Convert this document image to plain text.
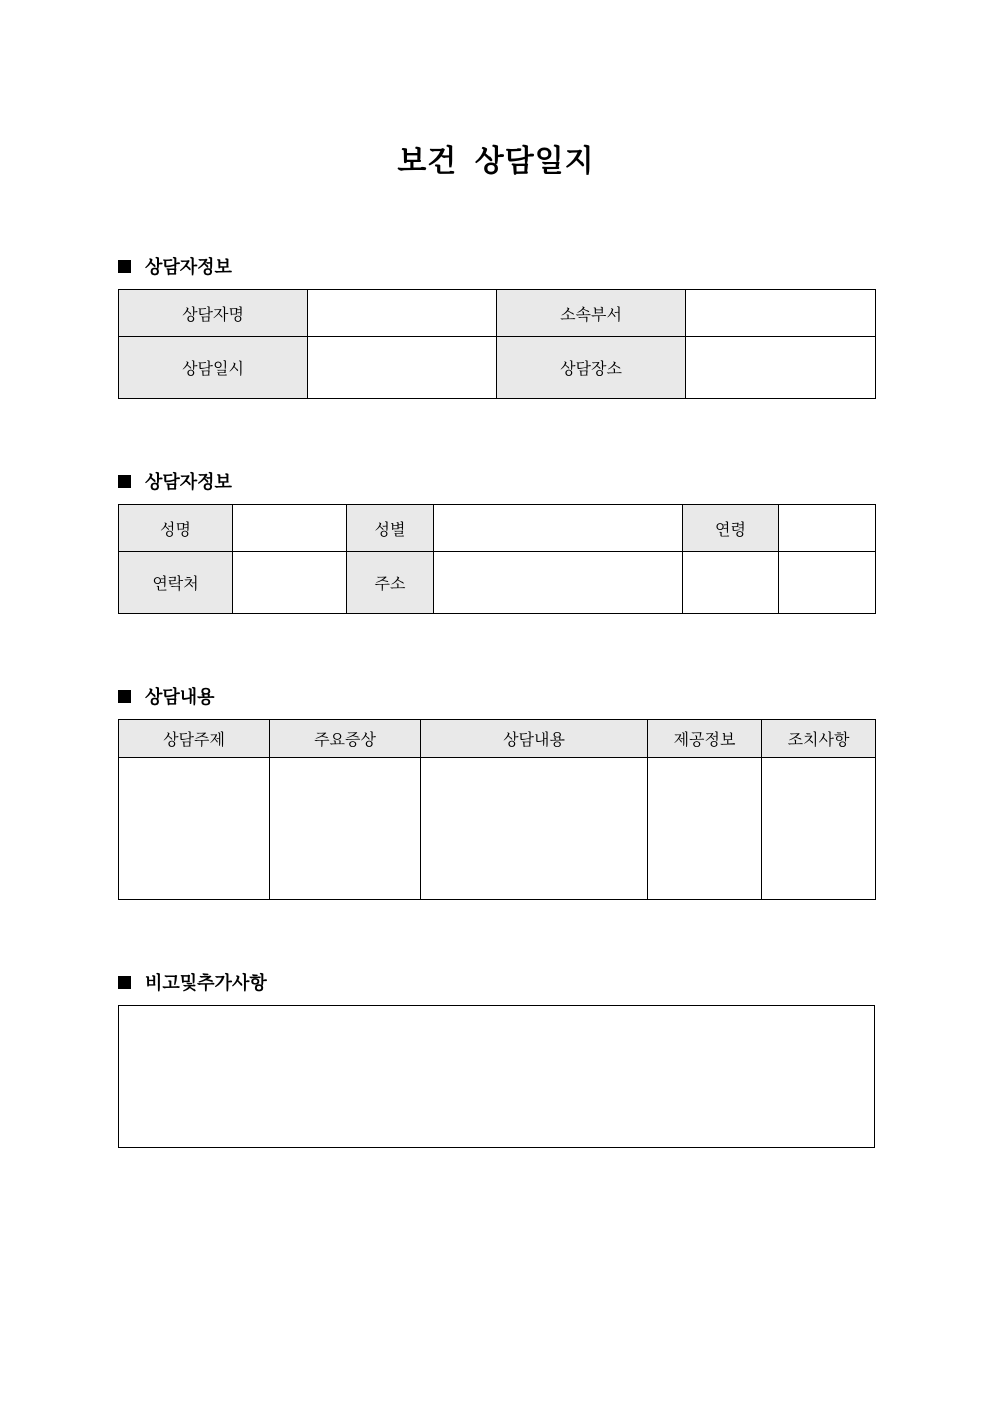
보건 상담일지
상담자정보
상담자명		소속부서	
상담일시		상담장소	
상담자정보
성명		성별		연령	
연락처		주소			
상담내용
상담주제	주요증상	상담내용	제공정보	조치사항

비고및추가사항
